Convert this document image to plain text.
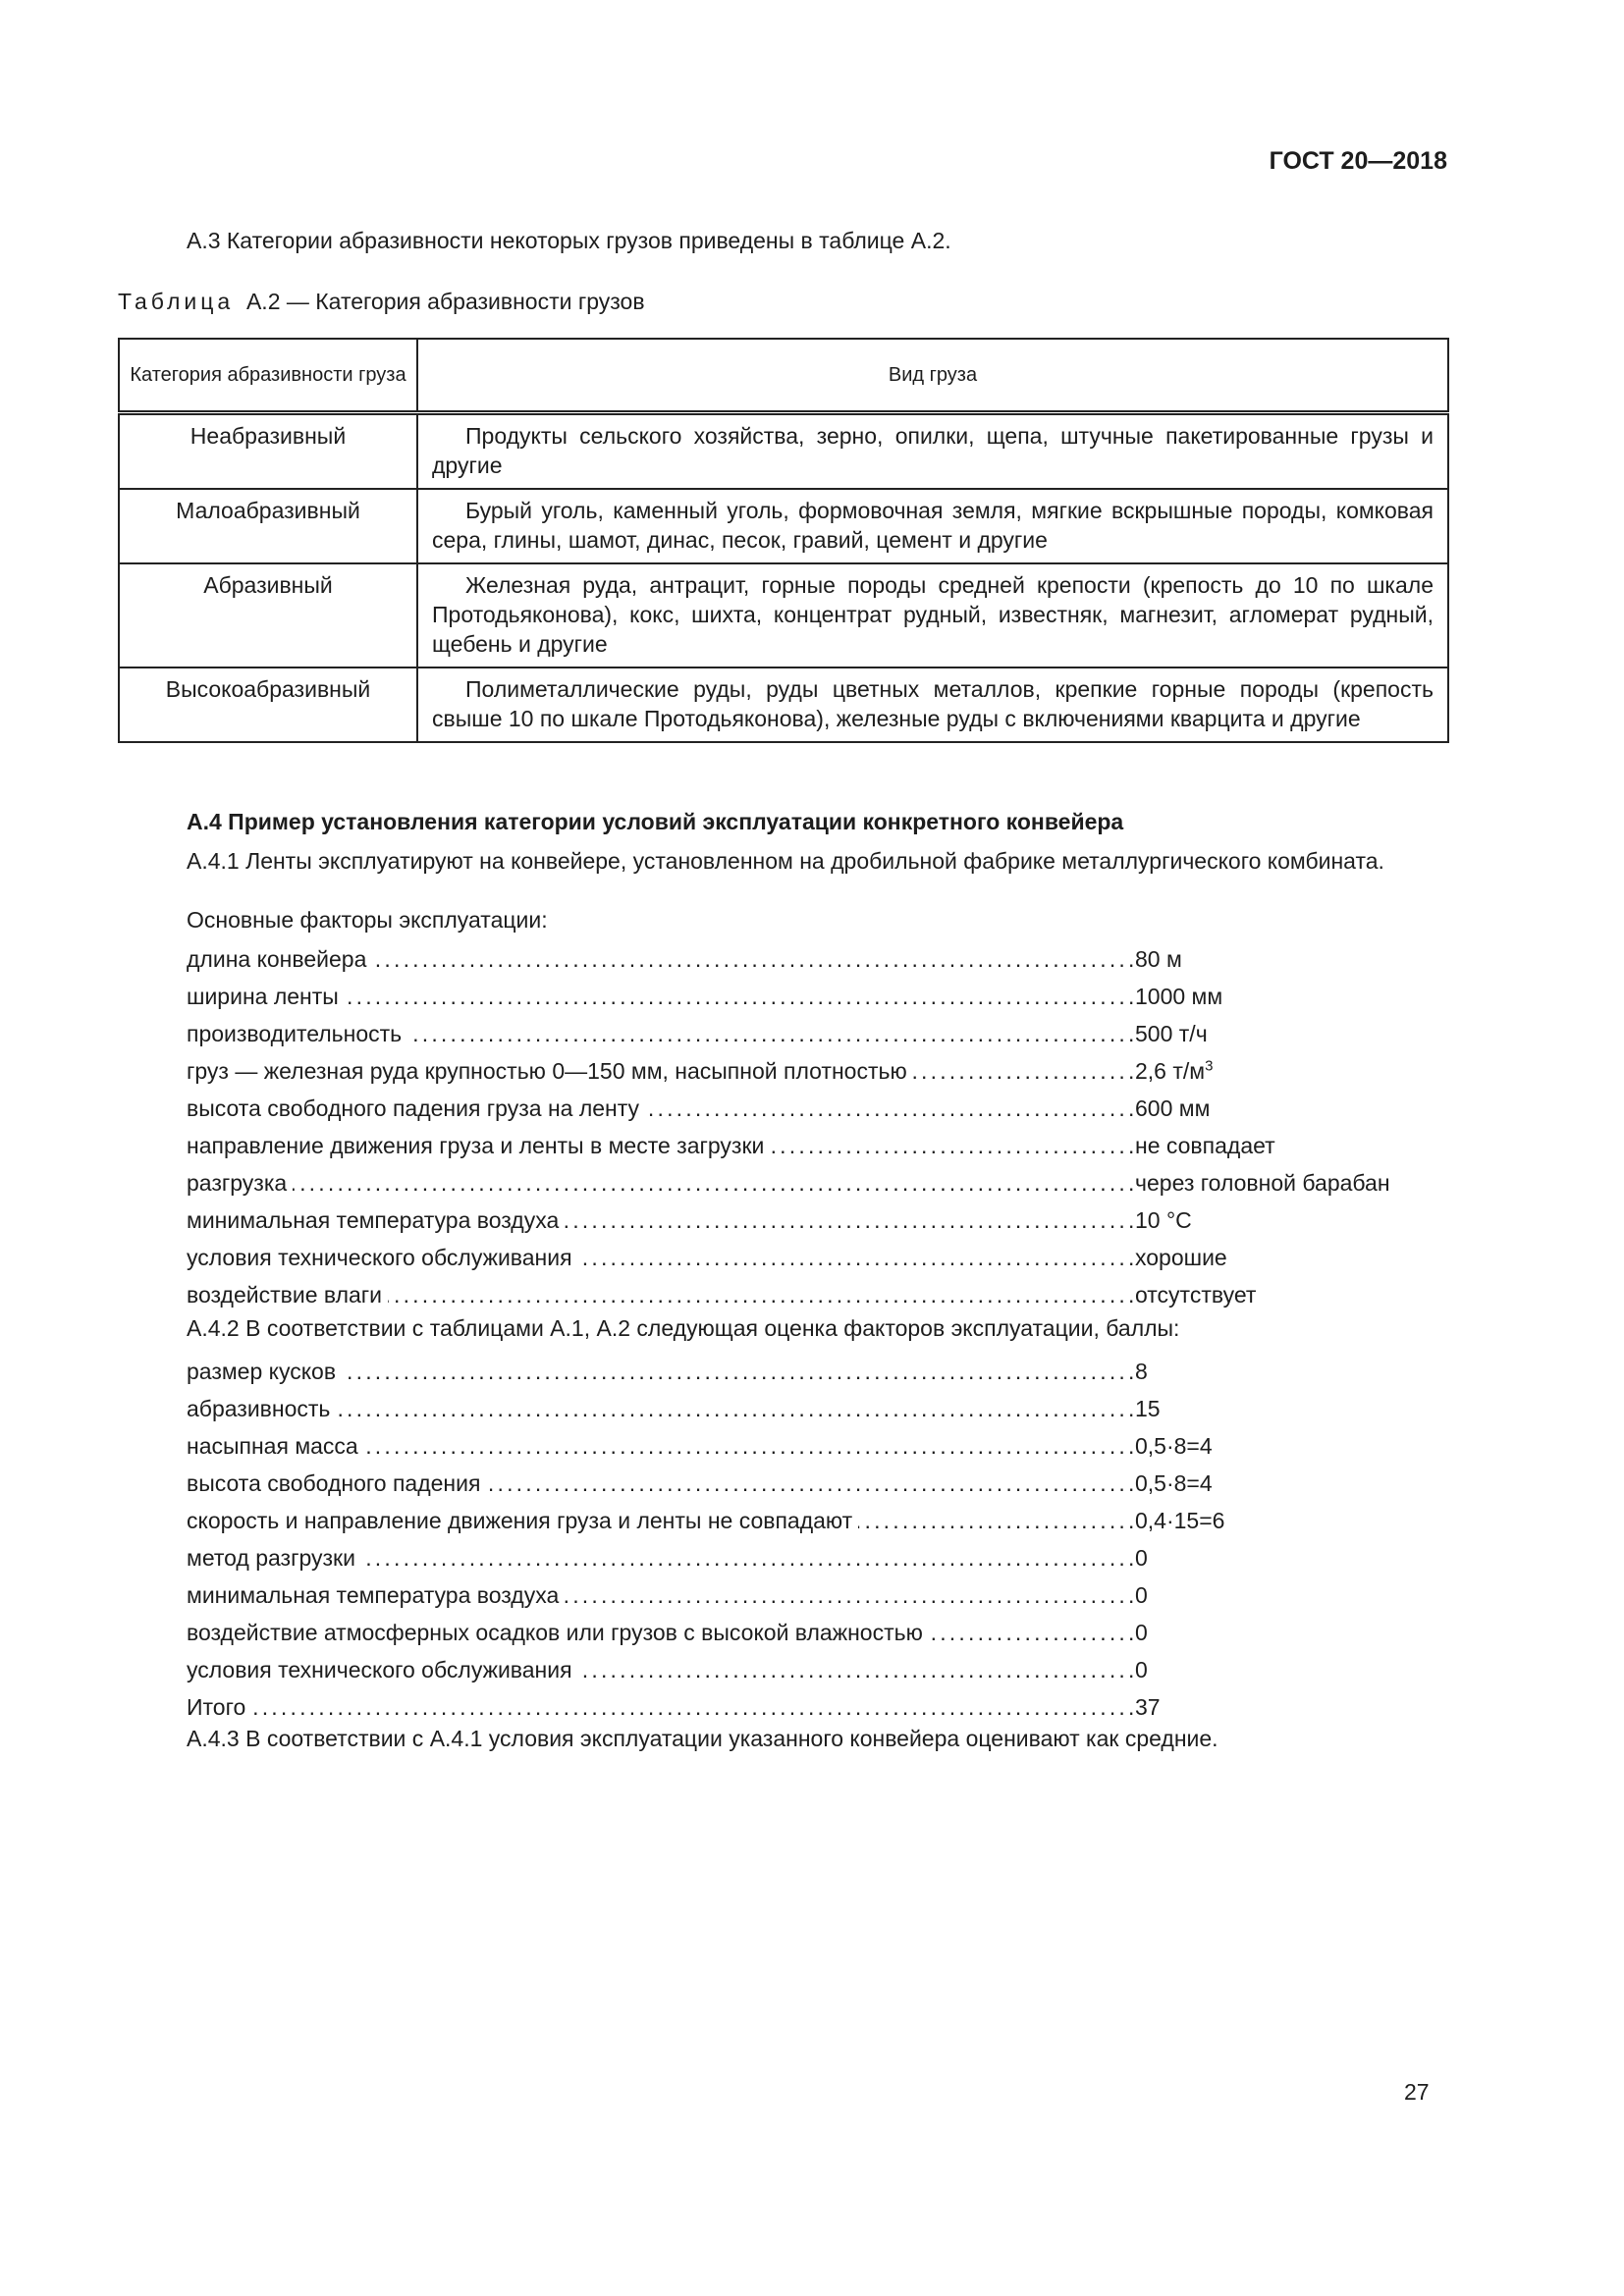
ГОСТ 20—2018
А.3 Категории абразивности некоторых грузов приведены в таблице А.2.
Таблица  А.2 — Категория абразивности грузов
Категория абразивности груза	Вид груза
Неабразивный	Продукты сельского хозяйства, зерно, опилки, щепа, штучные пакетированные грузы и другие
Малоабразивный	Бурый уголь, каменный уголь, формовочная земля, мягкие вскрышные породы, комковая сера, глины, шамот, динас, песок, гравий, цемент и другие
Абразивный	Железная руда, антрацит, горные породы средней крепости (крепость до 10 по шкале Протодьяконова), кокс, шихта, концентрат рудный, известняк, магнезит, агломерат рудный, щебень и другие
Высокоабразивный	Полиметаллические руды, руды цветных металлов, крепкие горные породы (крепость свыше 10 по шкале Протодьяконова), железные руды с включениями кварцита и другие
А.4 Пример установления категории условий эксплуатации конкретного конвейера
А.4.1 Ленты эксплуатируют на конвейере, установленном на дробильной фабрике металлургического комбината.
Основные факторы эксплуатации:
длина конвейера .....	80 м
ширина ленты .....	1000 мм
производительность .....	500 т/ч
груз — железная руда крупностью 0—150 мм, насыпной плотностью .....	2,6 $т/м^3$
высота свободного падения груза на ленту .....	600 мм
направление движения груза и ленты в месте загрузки .....	не совпадает
разгрузка .....	через головной барабан
минимальная температура воздуха .....	10 °С
условия технического обслуживания .....	хорошие
воздействие влаги .....	отсутствует
А.4.2 В соответствии с таблицами А.1, А.2 следующая оценка факторов эксплуатации, баллы:
размер кусков .....	8
абразивность .....	15
насыпная масса .....	0,5·8=4
высота свободного падения .....	0,5·8=4
скорость и направление движения груза и ленты не совпадают .....	0,4·15=6
метод разгрузки .....	0
минимальная температура воздуха .....	0
воздействие атмосферных осадков или грузов с высокой влажностью .....	0
условия технического обслуживания .....	0
Итого .....	37
А.4.3 В соответствии с А.4.1 условия эксплуатации указанного конвейера оценивают как средние.
27
